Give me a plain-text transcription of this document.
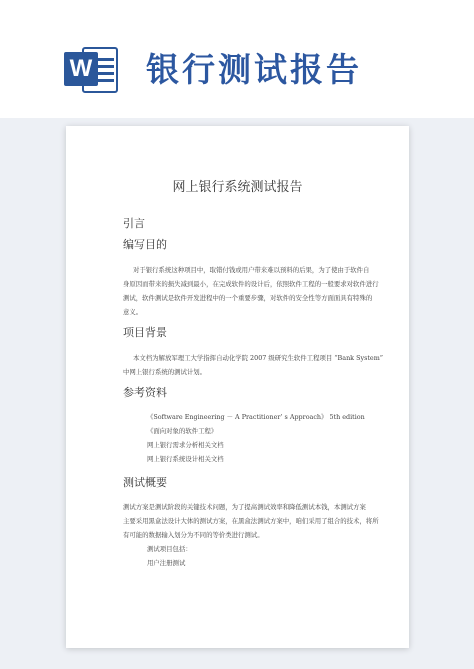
W 银行测试报告
网上银行系统测试报告
引言
编写目的
对于银行系统这种项目中，取错付钱或用户带来难以预料的后果，为了使由于软件自
身原因而带来的损失减到最小，在完成软件的设计后，依照软件工程的一般要求对软件进行
测试，软件测试是软件开发进程中的一个重要步骤，对软件的安全性等方面面具有特殊的
意义。
项目背景
本文档为解放军理工大学指挥自动化学院 2007 级研究生软件工程项目 “Bank System”
中网上银行系统的测试计划。
参考资料
《Software Engineering － A Practitioner’ s Approach》 5th edition
《面向对象的软件工程》
网上银行需求分析相关文档
网上银行系统设计相关文档
测试概要
测试方案是测试阶段的关键技术问题，为了提高测试效率和降低测试本钱，本测试方案
主要采用黑盒法设计大体的测试方案，在黑盒法测试方案中，咱们采用了组合的技术，将所
有可能的数据输入划分为不同的等价类进行测试。
测试项目包括：
用户注册测试
